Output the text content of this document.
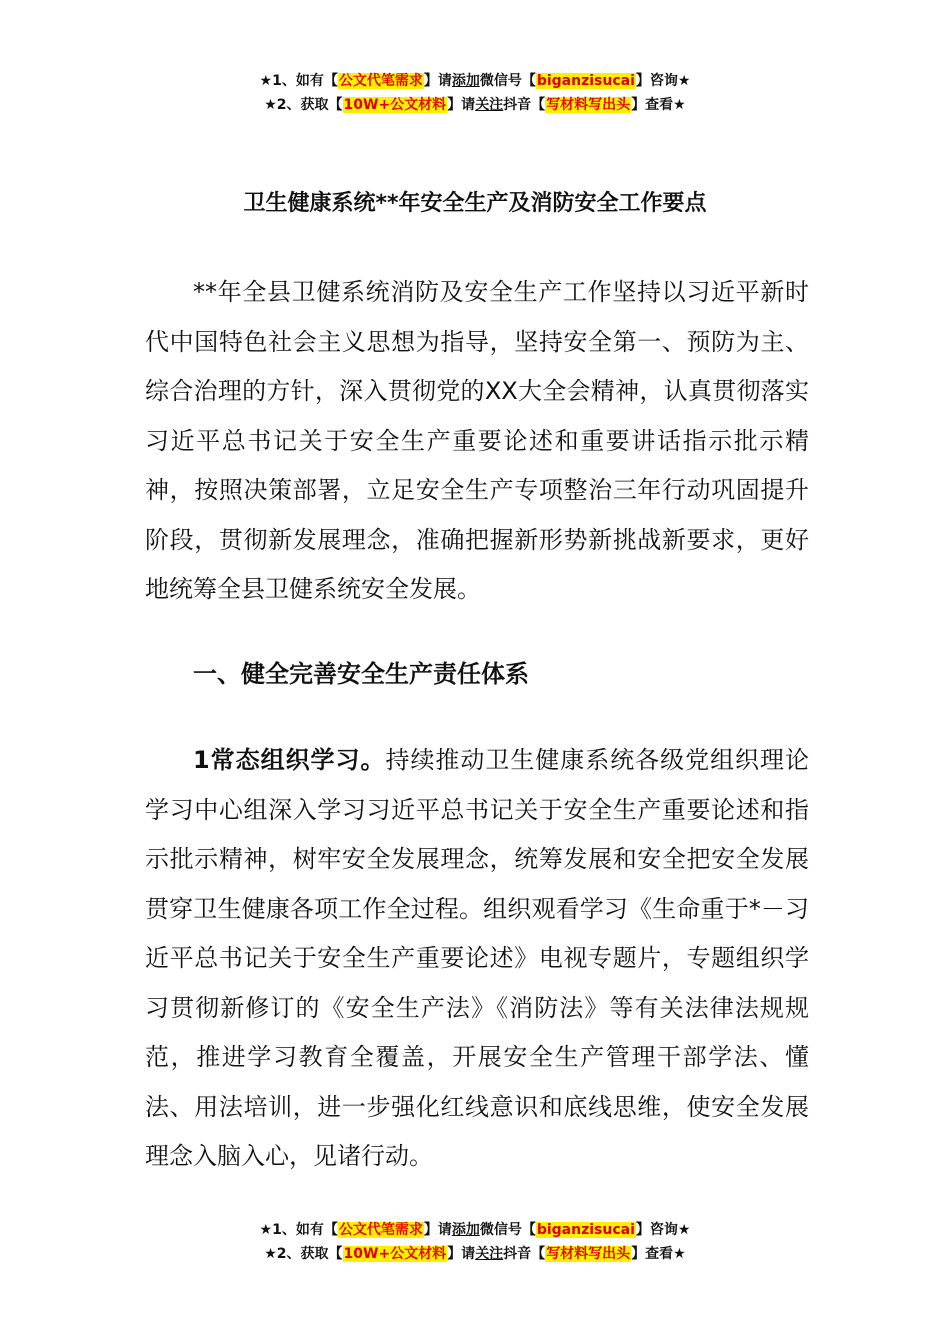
★1、如有【公文代笔需求】请添加微信号【biganzisucai】咨询★
★2、获取【10W+公文材料】请关注抖音【写材料写出头】查看★
卫生健康系统**年安全生产及消防安全工作要点

**年全县卫健系统消防及安全生产工作坚持以习近平新时代中国特色社会主义思想为指导，坚持安全第一、预防为主、综合治理的方针，深入贯彻党的XX大全会精神，认真贯彻落实习近平总书记关于安全生产重要论述和重要讲话指示批示精神，按照决策部署，立足安全生产专项整治三年行动巩固提升阶段，贯彻新发展理念，准确把握新形势新挑战新要求，更好地统筹全县卫健系统安全发展。

一、健全完善安全生产责任体系

1常态组织学习。持续推动卫生健康系统各级党组织理论学习中心组深入学习习近平总书记关于安全生产重要论述和指示批示精神，树牢安全发展理念，统筹发展和安全把安全发展贯穿卫生健康各项工作全过程。组织观看学习《生命重于*－习近平总书记关于安全生产重要论述》电视专题片，专题组织学习贯彻新修订的《安全生产法》《消防法》等有关法律法规规范，推进学习教育全覆盖，开展安全生产管理干部学法、懂法、用法培训，进一步强化红线意识和底线思维，使安全发展理念入脑入心，见诸行动。

★1、如有【公文代笔需求】请添加微信号【biganzisucai】咨询★
★2、获取【10W+公文材料】请关注抖音【写材料写出头】查看★
